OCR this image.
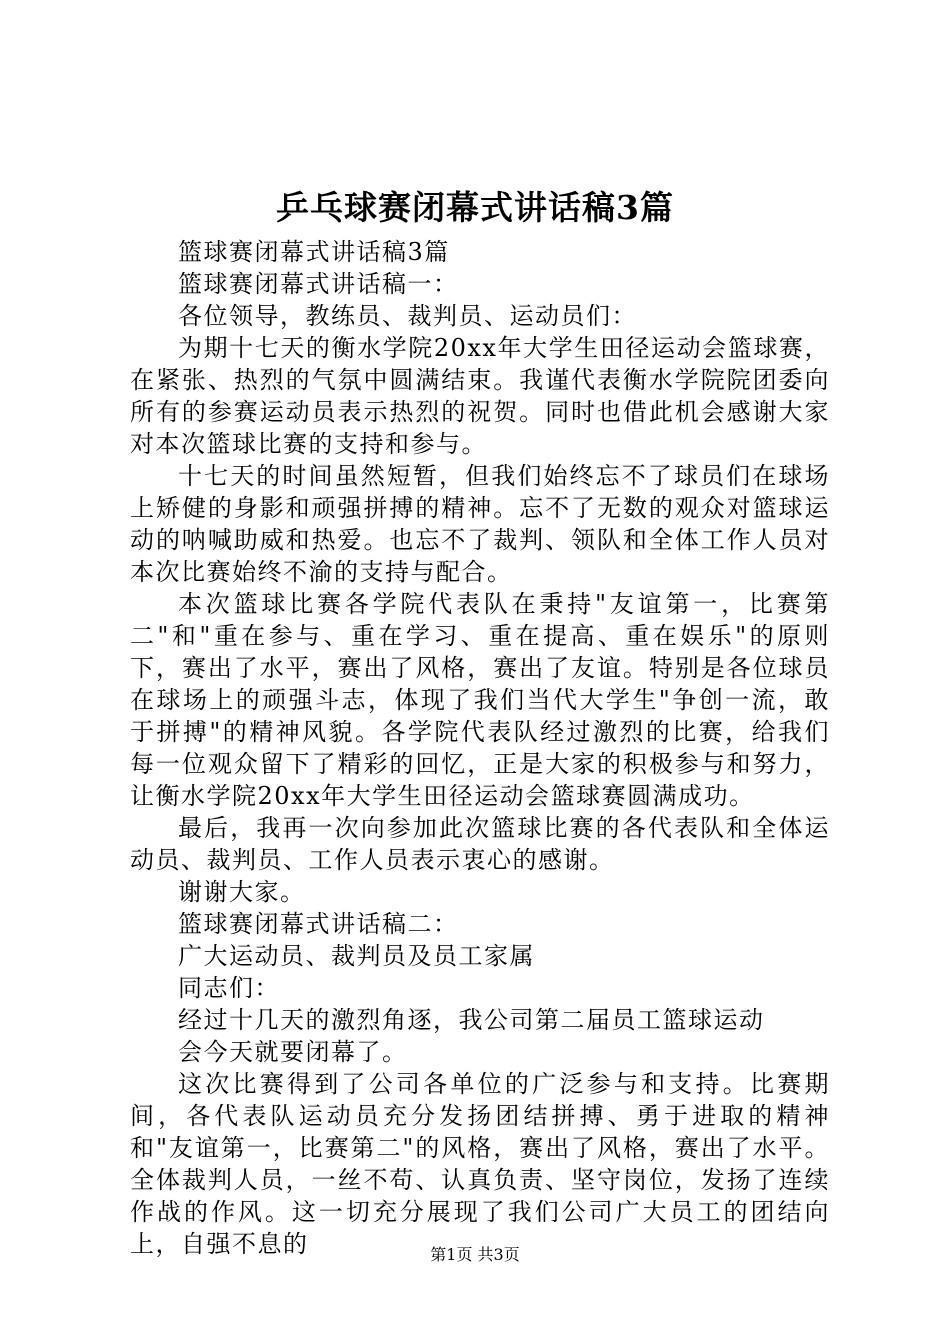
乒乓球赛闭幕式讲话稿3篇

篮球赛闭幕式讲话稿3篇

篮球赛闭幕式讲话稿一：

各位领导，教练员、裁判员、运动员们：

为期十七天的衡水学院20xx年大学生田径运动会篮球赛，在紧张、热烈的气氛中圆满结束。我谨代表衡水学院院团委向所有的参赛运动员表示热烈的祝贺。同时也借此机会感谢大家对本次篮球比赛的支持和参与。

十七天的时间虽然短暂，但我们始终忘不了球员们在球场上矫健的身影和顽强拼搏的精神。忘不了无数的观众对篮球运动的呐喊助威和热爱。也忘不了裁判、领队和全体工作人员对本次比赛始终不渝的支持与配合。

本次篮球比赛各学院代表队在秉持"友谊第一，比赛第二"和"重在参与、重在学习、重在提高、重在娱乐"的原则下，赛出了水平，赛出了风格，赛出了友谊。特别是各位球员在球场上的顽强斗志，体现了我们当代大学生"争创一流，敢于拼搏"的精神风貌。各学院代表队经过激烈的比赛，给我们每一位观众留下了精彩的回忆，正是大家的积极参与和努力，让衡水学院20xx年大学生田径运动会篮球赛圆满成功。

最后，我再一次向参加此次篮球比赛的各代表队和全体运动员、裁判员、工作人员表示衷心的感谢。

谢谢大家。

篮球赛闭幕式讲话稿二：

广大运动员、裁判员及员工家属

同志们：

经过十几天的激烈角逐，我公司第二届员工篮球运动

会今天就要闭幕了。

这次比赛得到了公司各单位的广泛参与和支持。比赛期间，各代表队运动员充分发扬团结拼搏、勇于进取的精神和"友谊第一，比赛第二"的风格，赛出了风格，赛出了水平。全体裁判人员，一丝不苟、认真负责、坚守岗位，发扬了连续作战的作风。这一切充分展现了我们公司广大员工的团结向上，自强不息的	第1页 共3页
